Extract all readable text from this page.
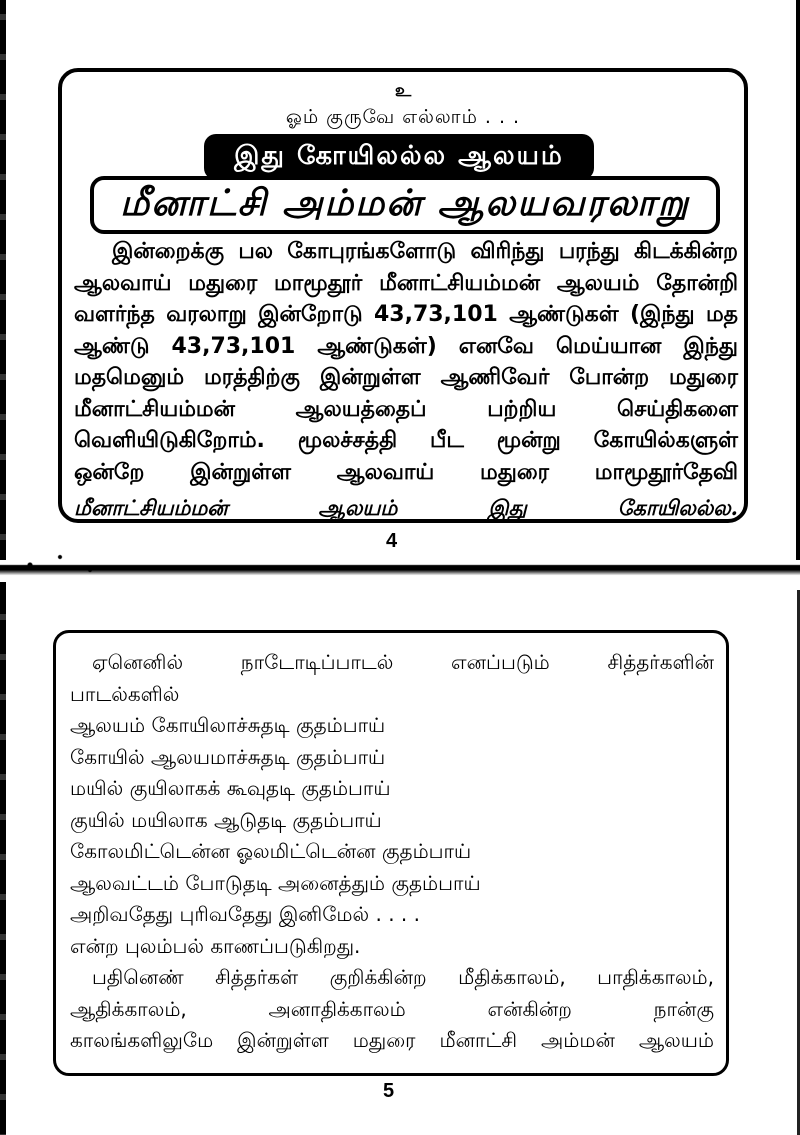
உ
ஓம் குருவே எல்லாம் . . .
இது கோயிலல்ல ஆலயம்
மீனாட்சி அம்மன் ஆலயவரலாறு
இன்றைக்கு பல கோபுரங்களோடு விரிந்து பரந்து கிடக்கின்ற
ஆலவாய் மதுரை மாமூதூர் மீனாட்சியம்மன் ஆலயம் தோன்றி
வளர்ந்த வரலாறு இன்றோடு 43,73,101 ஆண்டுகள் (இந்து மத
ஆண்டு 43,73,101 ஆண்டுகள்) எனவே மெய்யான இந்து
மதமெனும் மரத்திற்கு இன்றுள்ள ஆணிவேர் போன்ற மதுரை
மீனாட்சியம்மன் ஆலயத்தைப் பற்றிய செய்திகளை
வெளியிடுகிறோம். மூலச்சத்தி பீட மூன்று கோயில்களுள்
ஒன்றே இன்றுள்ள ஆலவாய் மதுரை மாமூதூர்தேவி
மீனாட்சியம்மன் ஆலயம் இது கோயிலல்ல.
4
ஏனெனில் நாடோடிப்பாடல் எனப்படும் சித்தர்களின்
பாடல்களில்
ஆலயம் கோயிலாச்சுதடி குதம்பாய்
கோயில் ஆலயமாச்சுதடி குதம்பாய்
மயில் குயிலாகக் கூவுதடி குதம்பாய்
குயில் மயிலாக ஆடுதடி குதம்பாய்
கோலமிட்டென்ன ஓலமிட்டென்ன குதம்பாய்
ஆலவட்டம் போடுதடி அனைத்தும் குதம்பாய்
அறிவதேது புரிவதேது இனிமேல் . . . .
என்ற புலம்பல் காணப்படுகிறது.
பதினெண் சித்தர்கள் குறிக்கின்ற மீதிக்காலம், பாதிக்காலம்,
ஆதிக்காலம், அனாதிக்காலம் என்கின்ற நான்கு
காலங்களிலுமே இன்றுள்ள மதுரை மீனாட்சி அம்மன் ஆலயம்
5
